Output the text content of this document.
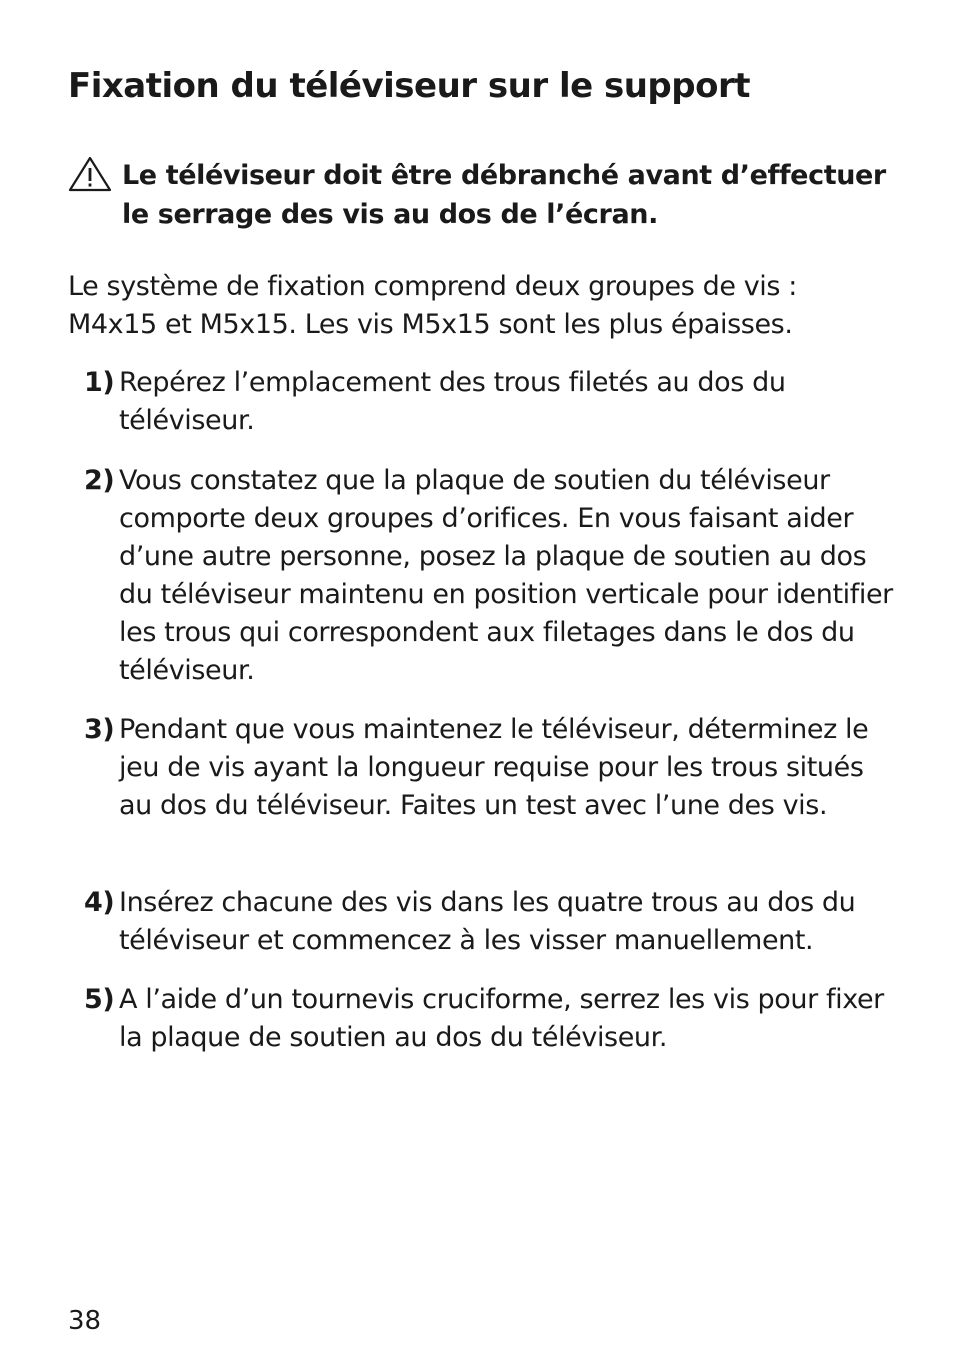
Fixation du téléviseur sur le support

Le téléviseur doit être débranché avant d’effectuer le serrage des vis au dos de l’écran.

Le système de fixation comprend deux groupes de vis : M4x15 et M5x15. Les vis M5x15 sont les plus épaisses.

1) Repérez l’emplacement des trous filetés au dos du téléviseur.

2) Vous constatez que la plaque de soutien du téléviseur comporte deux groupes d’orifices. En vous faisant aider d’une autre personne, posez la plaque de soutien au dos du téléviseur maintenu en position verticale pour identifier les trous qui correspondent aux filetages dans le dos du téléviseur.

3) Pendant que vous maintenez le téléviseur, déterminez le jeu de vis ayant la longueur requise pour les trous situés au dos du téléviseur. Faites un test avec l’une des vis.

4) Insérez chacune des vis dans les quatre trous au dos du téléviseur et commencez à les visser manuellement.

5) A l’aide d’un tournevis cruciforme, serrez les vis pour fixer la plaque de soutien au dos du téléviseur.

38
